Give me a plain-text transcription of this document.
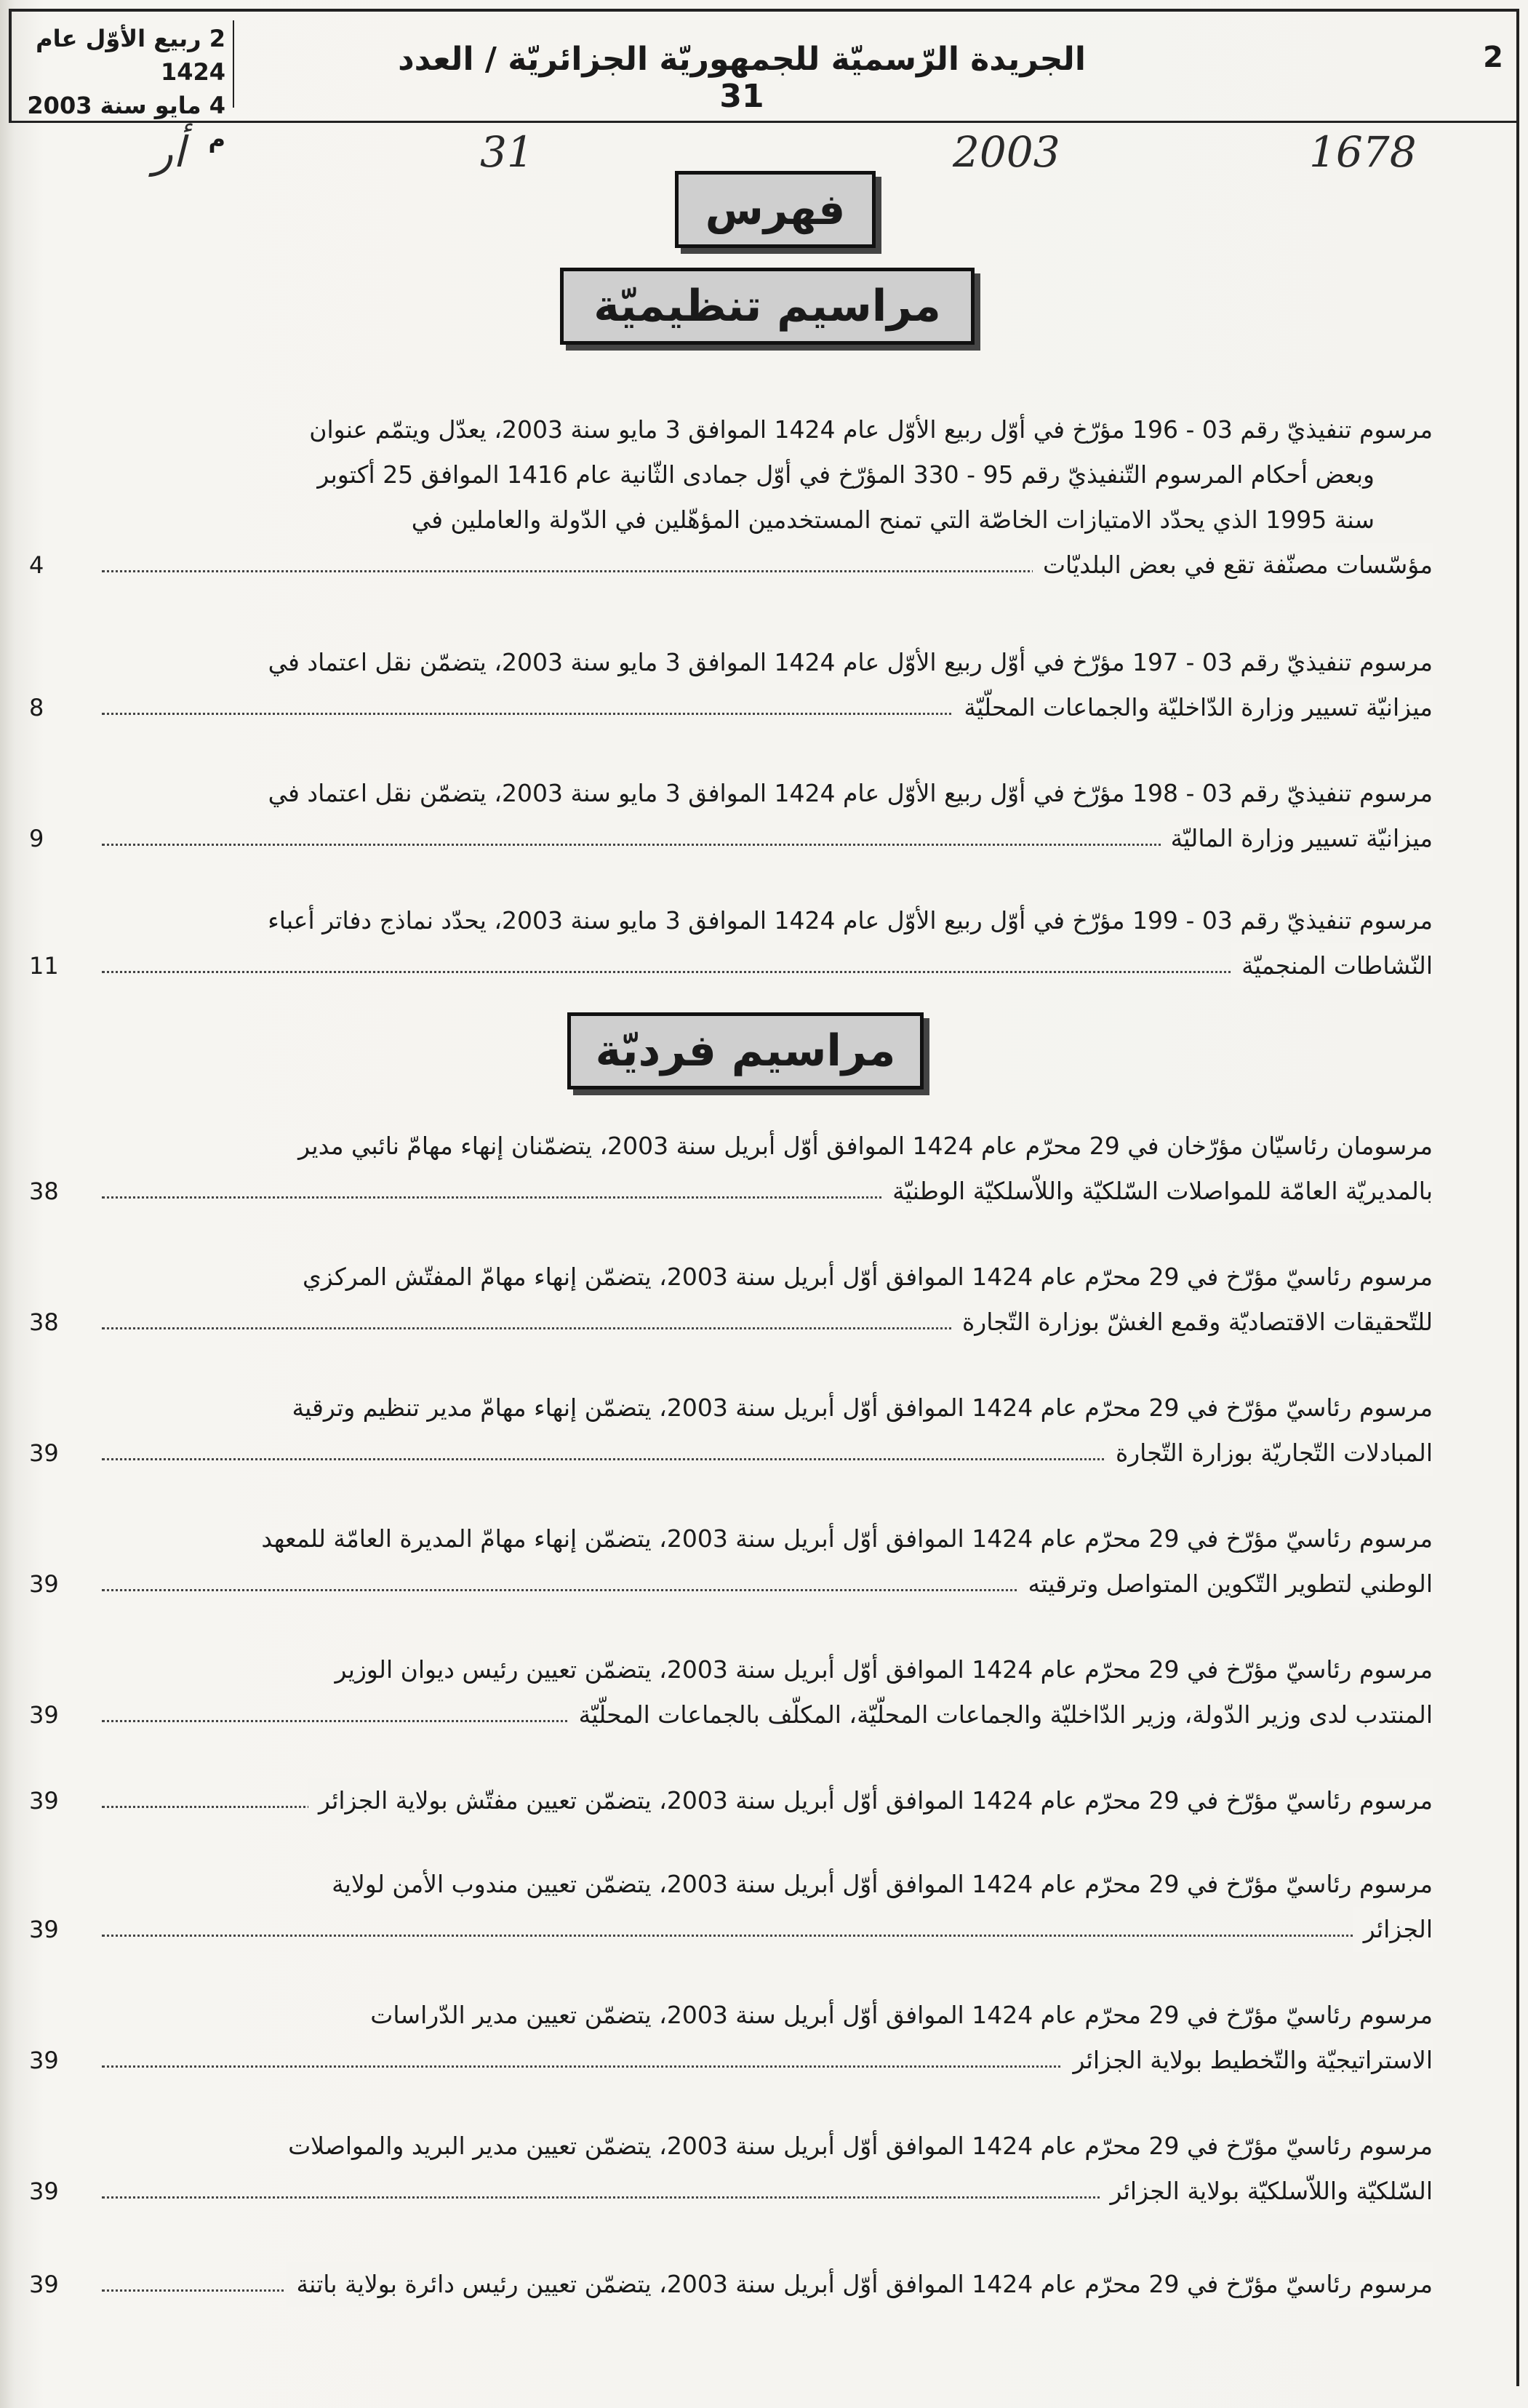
2
الجريدة الرّسميّة للجمهوريّة الجزائريّة / العدد 31
2 ربيع الأوّل عام 1424
4 مايو سنة 2003 م
ﺃﺭ	31	2003	1678
فهرس
مراسيم تنظيميّة
مراسيم فرديّة
مرسوم تنفيذيّ رقم 03 - 196 مؤرّخ في أوّل ربيع الأوّل عام 1424 الموافق 3 مايو سنة 2003، يعدّل ويتمّم عنوان
وبعض أحكام المرسوم التّنفيذيّ رقم 95 - 330 المؤرّخ في أوّل جمادى الثّانية عام 1416 الموافق 25 أكتوبر
سنة 1995 الذي يحدّد الامتيازات الخاصّة التي تمنح المستخدمين المؤهّلين في الدّولة والعاملين في
مؤسّسات مصنّفة تقع في بعض البلديّات
4
مرسوم تنفيذيّ رقم 03 - 197 مؤرّخ في أوّل ربيع الأوّل عام 1424 الموافق 3 مايو سنة 2003، يتضمّن نقل اعتماد في
ميزانيّة تسيير وزارة الدّاخليّة والجماعات المحلّيّة
8
مرسوم تنفيذيّ رقم 03 - 198 مؤرّخ في أوّل ربيع الأوّل عام 1424 الموافق 3 مايو سنة 2003، يتضمّن نقل اعتماد في
ميزانيّة تسيير وزارة الماليّة
9
مرسوم تنفيذيّ رقم 03 - 199 مؤرّخ في أوّل ربيع الأوّل عام 1424 الموافق 3 مايو سنة 2003، يحدّد نماذج دفاتر أعباء
النّشاطات المنجميّة
11
مرسومان رئاسيّان مؤرّخان في 29 محرّم عام 1424 الموافق أوّل أبريل سنة 2003، يتضمّنان إنهاء مهامّ نائبي مدير
بالمديريّة العامّة للمواصلات السّلكيّة واللاّسلكيّة الوطنيّة
38
مرسوم رئاسيّ مؤرّخ في 29 محرّم عام 1424 الموافق أوّل أبريل سنة 2003، يتضمّن إنهاء مهامّ المفتّش المركزي
للتّحقيقات الاقتصاديّة وقمع الغشّ بوزارة التّجارة
38
مرسوم رئاسيّ مؤرّخ في 29 محرّم عام 1424 الموافق أوّل أبريل سنة 2003، يتضمّن إنهاء مهامّ مدير تنظيم وترقية
المبادلات التّجاريّة بوزارة التّجارة
39
مرسوم رئاسيّ مؤرّخ في 29 محرّم عام 1424 الموافق أوّل أبريل سنة 2003، يتضمّن إنهاء مهامّ المديرة العامّة للمعهد
الوطني لتطوير التّكوين المتواصل وترقيته
39
مرسوم رئاسيّ مؤرّخ في 29 محرّم عام 1424 الموافق أوّل أبريل سنة 2003، يتضمّن تعيين رئيس ديوان الوزير
المنتدب لدى وزير الدّولة، وزير الدّاخليّة والجماعات المحلّيّة، المكلّف بالجماعات المحلّيّة
39
مرسوم رئاسيّ مؤرّخ في 29 محرّم عام 1424 الموافق أوّل أبريل سنة 2003، يتضمّن تعيين مفتّش بولاية الجزائر
39
مرسوم رئاسيّ مؤرّخ في 29 محرّم عام 1424 الموافق أوّل أبريل سنة 2003، يتضمّن تعيين مندوب الأمن لولاية
الجزائر
39
مرسوم رئاسيّ مؤرّخ في 29 محرّم عام 1424 الموافق أوّل أبريل سنة 2003، يتضمّن تعيين مدير الدّراسات
الاستراتيجيّة والتّخطيط بولاية الجزائر
39
مرسوم رئاسيّ مؤرّخ في 29 محرّم عام 1424 الموافق أوّل أبريل سنة 2003، يتضمّن تعيين مدير البريد والمواصلات
السّلكيّة واللاّسلكيّة بولاية الجزائر
39
مرسوم رئاسيّ مؤرّخ في 29 محرّم عام 1424 الموافق أوّل أبريل سنة 2003، يتضمّن تعيين رئيس دائرة بولاية باتنة
39
